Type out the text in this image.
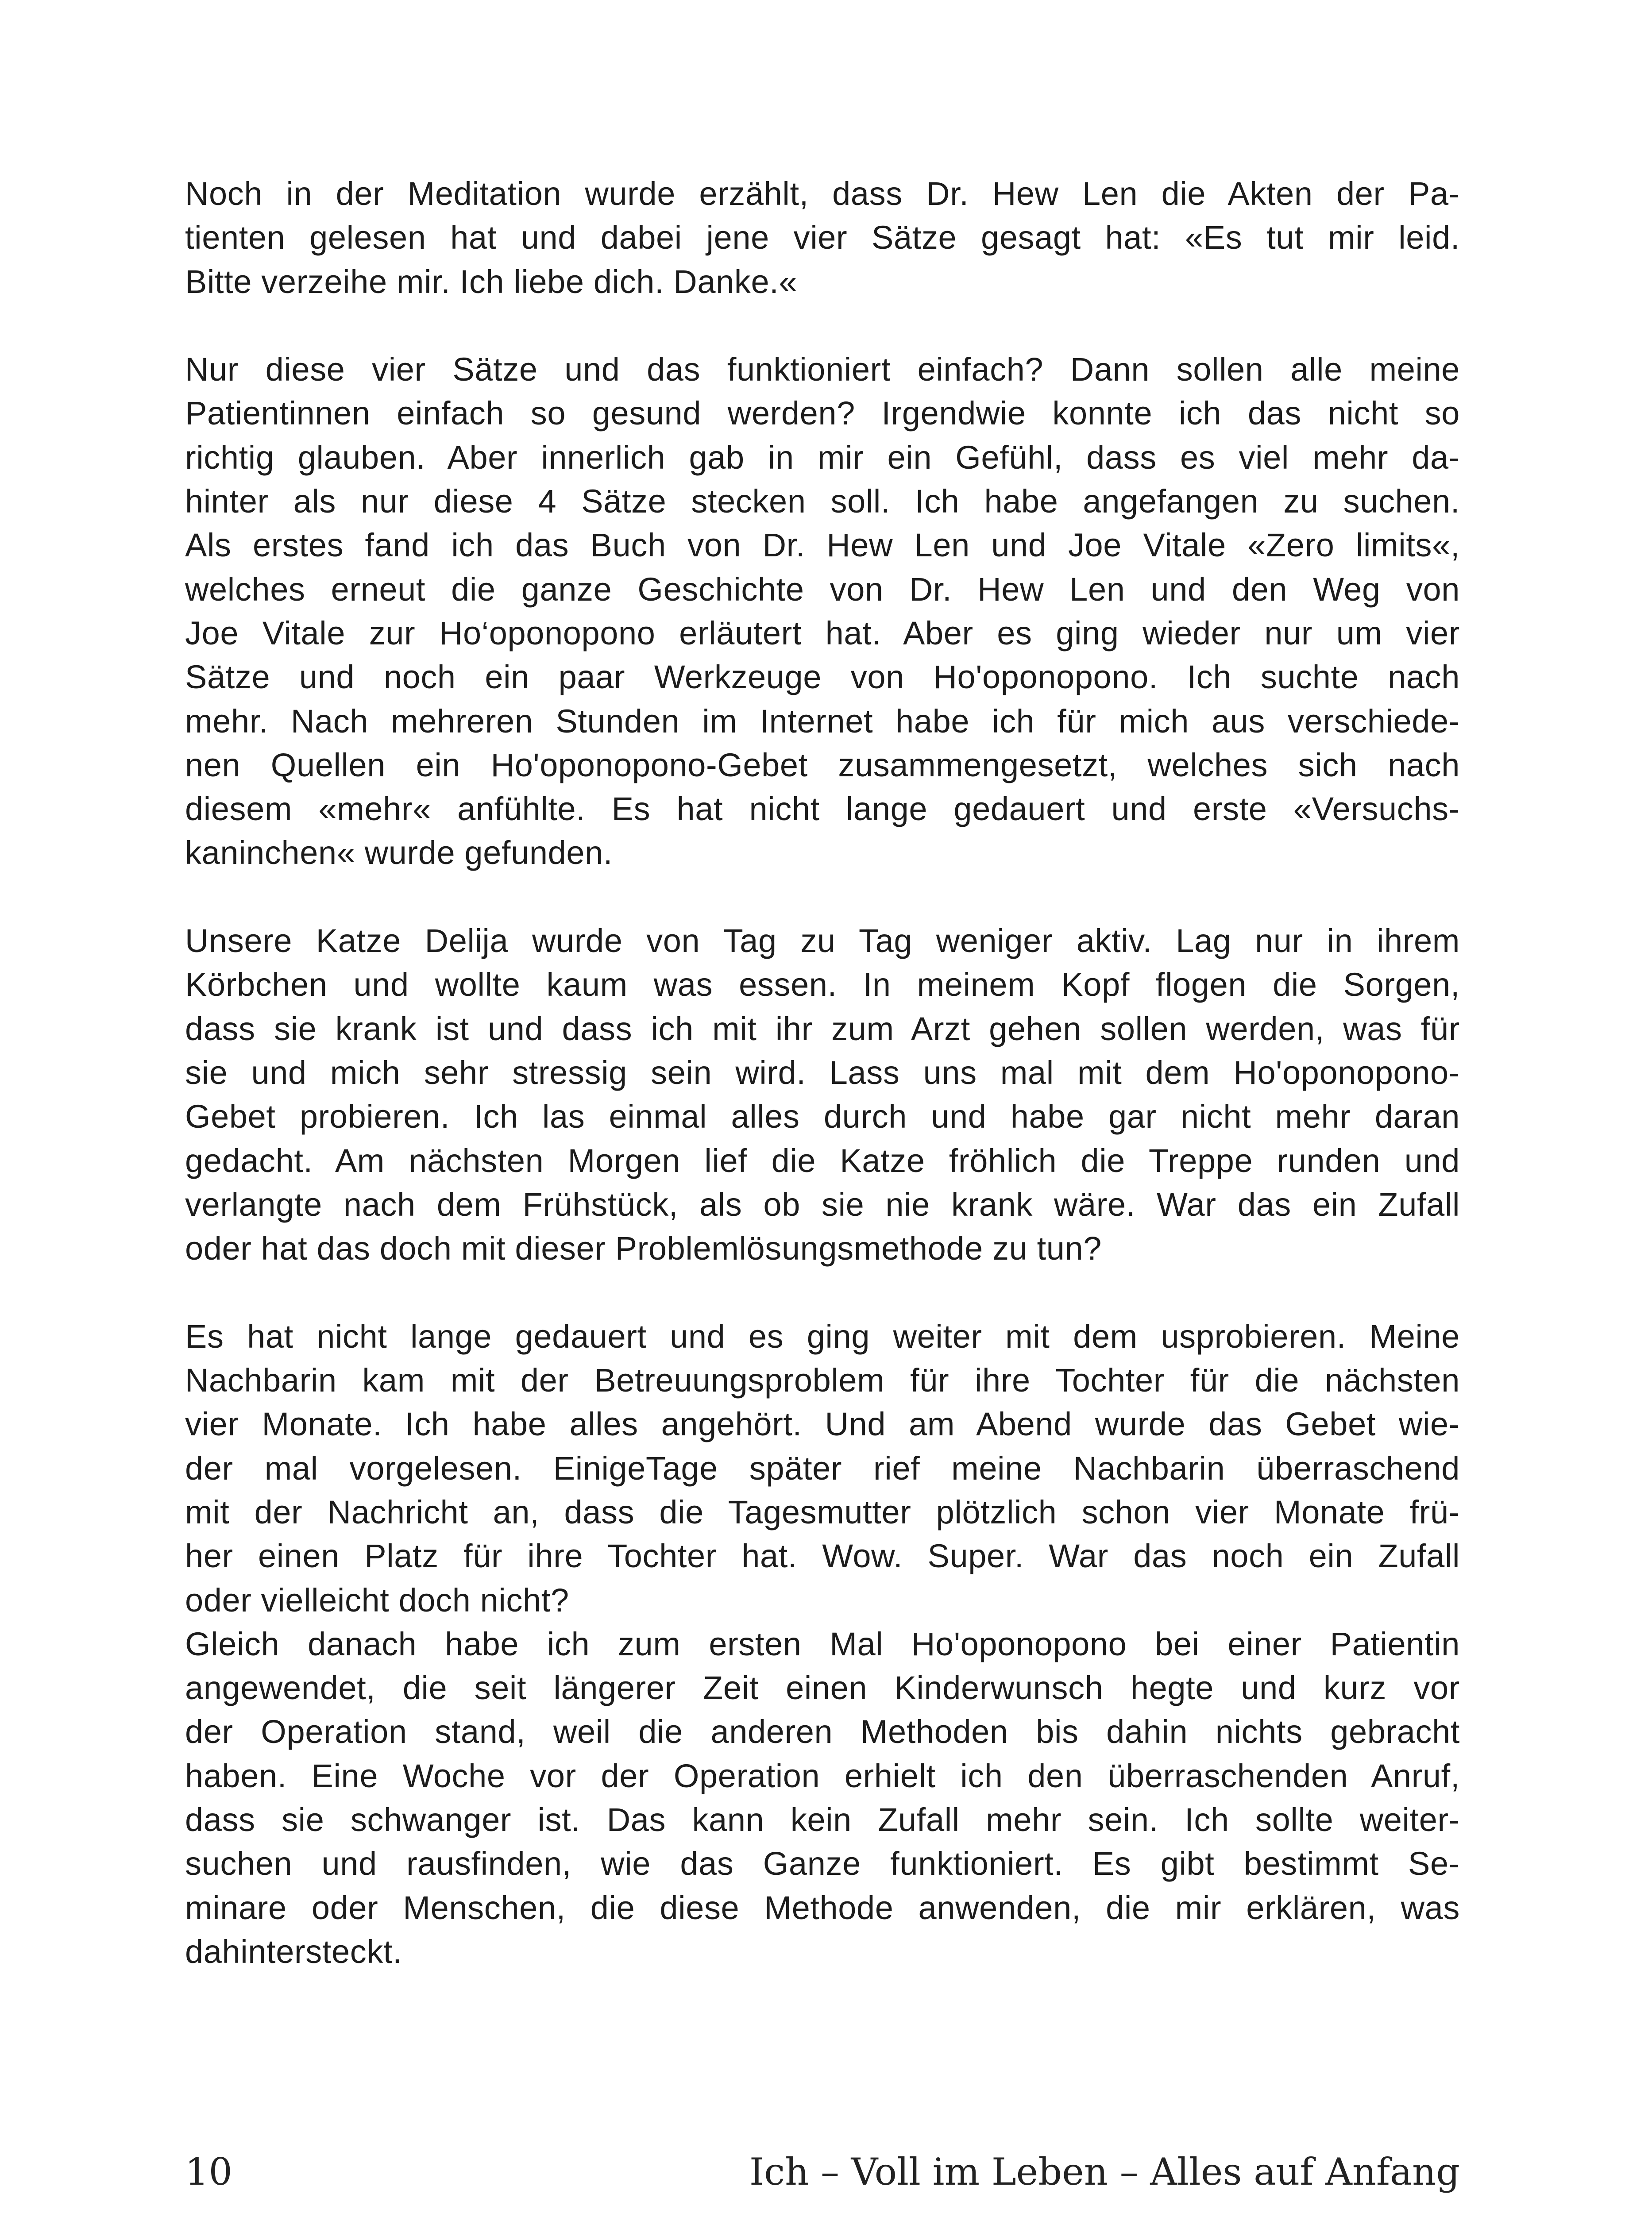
Noch in der Meditation wurde erzählt, dass Dr. Hew Len die Akten der Pa-
tienten gelesen hat und dabei jene vier Sätze gesagt hat: «Es tut mir leid.
Bitte verzeihe mir. Ich liebe dich. Danke.«
Nur diese vier Sätze und das funktioniert einfach? Dann sollen alle meine
Patientinnen einfach so gesund werden? Irgendwie konnte ich das nicht so
richtig glauben. Aber innerlich gab in mir ein Gefühl, dass es viel mehr da-
hinter als nur diese 4 Sätze stecken soll. Ich habe angefangen zu suchen.
Als erstes fand ich das Buch von Dr. Hew Len und Joe Vitale «Zero limits«,
welches erneut die ganze Geschichte von Dr. Hew Len und den Weg von
Joe Vitale zur Ho‘oponopono erläutert hat. Aber es ging wieder nur um vier
Sätze und noch ein paar Werkzeuge von Ho'oponopono. Ich suchte nach
mehr. Nach mehreren Stunden im Internet habe ich für mich aus verschiede-
nen Quellen ein Ho'oponopono-Gebet zusammengesetzt, welches sich nach
diesem «mehr« anfühlte. Es hat nicht lange gedauert und erste «Versuchs-
kaninchen« wurde gefunden.
Unsere Katze Delija wurde von Tag zu Tag weniger aktiv. Lag nur in ihrem
Körbchen und wollte kaum was essen. In meinem Kopf flogen die Sorgen,
dass sie krank ist und dass ich mit ihr zum Arzt gehen sollen werden, was für
sie und mich sehr stressig sein wird. Lass uns mal mit dem Ho'oponopono-
Gebet probieren. Ich las einmal alles durch und habe gar nicht mehr daran
gedacht. Am nächsten Morgen lief die Katze fröhlich die Treppe runden und
verlangte nach dem Frühstück, als ob sie nie krank wäre. War das ein Zufall
oder hat das doch mit dieser Problemlösungsmethode zu tun?
Es hat nicht lange gedauert und es ging weiter mit dem usprobieren. Meine
Nachbarin kam mit der Betreuungsproblem für ihre Tochter für die nächsten
vier Monate. Ich habe alles angehört. Und am Abend wurde das Gebet wie-
der mal vorgelesen. EinigeTage später rief meine Nachbarin überraschend
mit der Nachricht an, dass die Tagesmutter plötzlich schon vier Monate frü-
her einen Platz für ihre Tochter hat. Wow. Super. War das noch ein Zufall
oder vielleicht doch nicht?
Gleich danach habe ich zum ersten Mal Ho'oponopono bei einer Patientin
angewendet, die seit längerer Zeit einen Kinderwunsch hegte und kurz vor
der Operation stand, weil die anderen Methoden bis dahin nichts gebracht
haben. Eine Woche vor der Operation erhielt ich den überraschenden Anruf,
dass sie schwanger ist. Das kann kein Zufall mehr sein. Ich sollte weiter-
suchen und rausfinden, wie das Ganze funktioniert. Es gibt bestimmt Se-
minare oder Menschen, die diese Methode anwenden, die mir erklären, was
dahintersteckt.
10	Ich – Voll im Leben – Alles auf Anfang
